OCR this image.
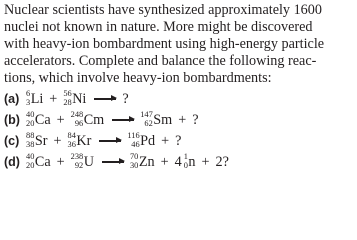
Nuclear scientists have synthesized approximately 1600
nuclei not known in nature. More might be discovered
with heavy-ion bombardment using high-energy particle
accelerators. Complete and balance the following reac-
tions, which involve heavy-ion bombardments:

(a) 6
3 Li + 56
28 Ni	?
(b) 40
20 Ca + 248
96 Cm	147
62 Sm + ?
(c) 88
38 Sr + 84
36 Kr	116
46 Pd + ?
(d) 40
20 Ca + 238
92 U	70
30 Zn + 4 1
0 n + 2?
